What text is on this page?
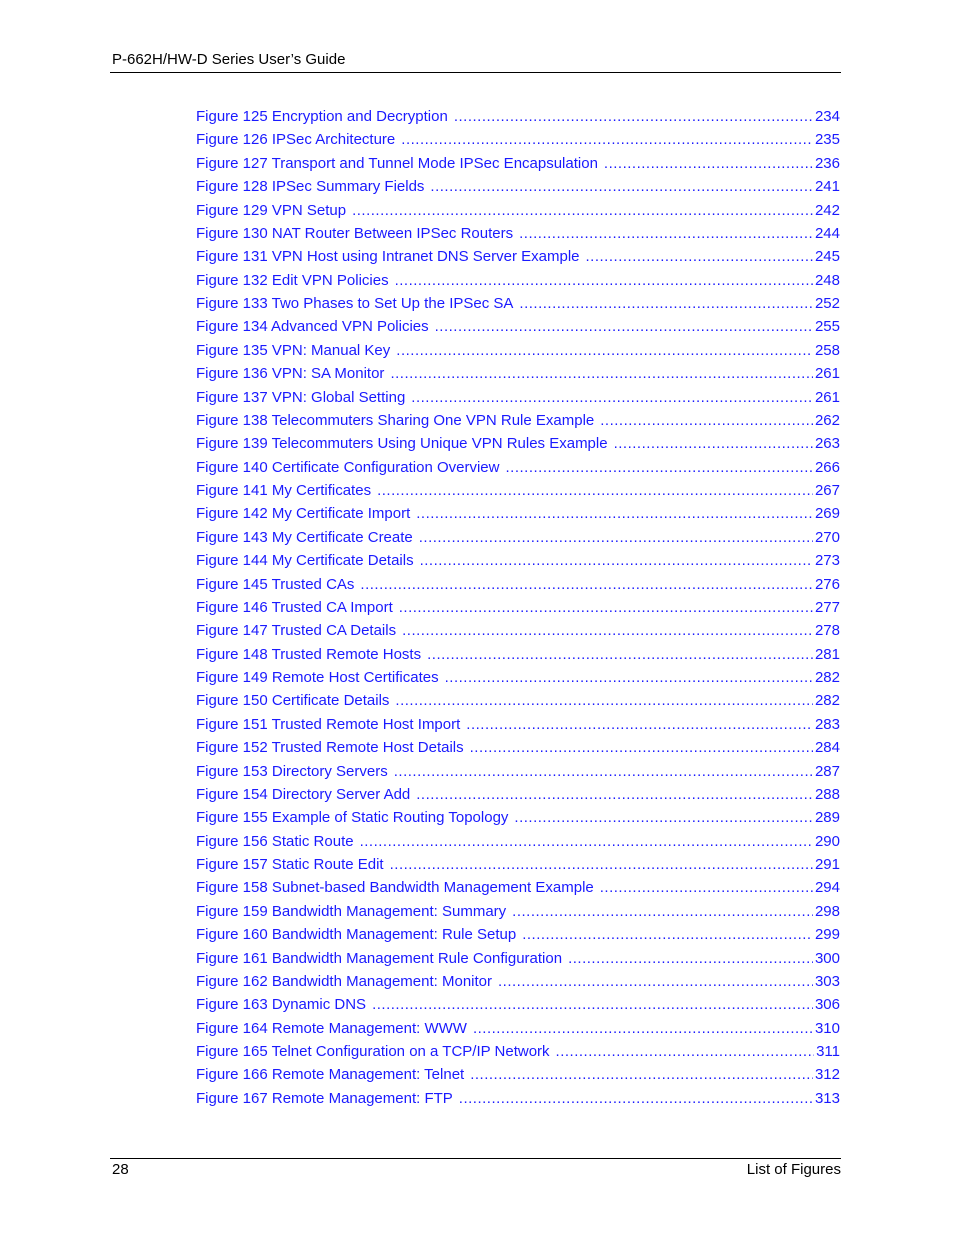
P-662H/HW-D Series User’s Guide
Figure 125 Encryption and Decryption .....	234
Figure 126 IPSec Architecture .....	235
Figure 127 Transport and Tunnel Mode IPSec Encapsulation .....	236
Figure 128 IPSec Summary Fields .....	241
Figure 129 VPN Setup .....	242
Figure 130 NAT Router Between IPSec Routers .....	244
Figure 131 VPN Host using Intranet DNS Server Example .....	245
Figure 132 Edit VPN Policies .....	248
Figure 133 Two Phases to Set Up the IPSec SA .....	252
Figure 134 Advanced VPN Policies .....	255
Figure 135 VPN: Manual Key .....	258
Figure 136 VPN: SA Monitor .....	261
Figure 137 VPN: Global Setting .....	261
Figure 138 Telecommuters Sharing One VPN Rule Example .....	262
Figure 139 Telecommuters Using Unique VPN Rules Example .....	263
Figure 140 Certificate Configuration Overview .....	266
Figure 141 My Certificates .....	267
Figure 142 My Certificate Import .....	269
Figure 143 My Certificate Create .....	270
Figure 144 My Certificate Details .....	273
Figure 145 Trusted CAs .....	276
Figure 146 Trusted CA Import .....	277
Figure 147 Trusted CA Details .....	278
Figure 148 Trusted Remote Hosts .....	281
Figure 149 Remote Host Certificates .....	282
Figure 150 Certificate Details .....	282
Figure 151 Trusted Remote Host Import .....	283
Figure 152 Trusted Remote Host Details .....	284
Figure 153 Directory Servers .....	287
Figure 154 Directory Server Add .....	288
Figure 155 Example of Static Routing Topology .....	289
Figure 156 Static Route .....	290
Figure 157 Static Route Edit .....	291
Figure 158 Subnet-based Bandwidth Management Example .....	294
Figure 159 Bandwidth Management: Summary .....	298
Figure 160 Bandwidth Management: Rule Setup .....	299
Figure 161 Bandwidth Management Rule Configuration .....	300
Figure 162 Bandwidth Management: Monitor .....	303
Figure 163 Dynamic DNS .....	306
Figure 164 Remote Management: WWW .....	310
Figure 165 Telnet Configuration on a TCP/IP Network .....	311
Figure 166 Remote Management: Telnet .....	312
Figure 167 Remote Management: FTP .....	313
28	List of Figures
